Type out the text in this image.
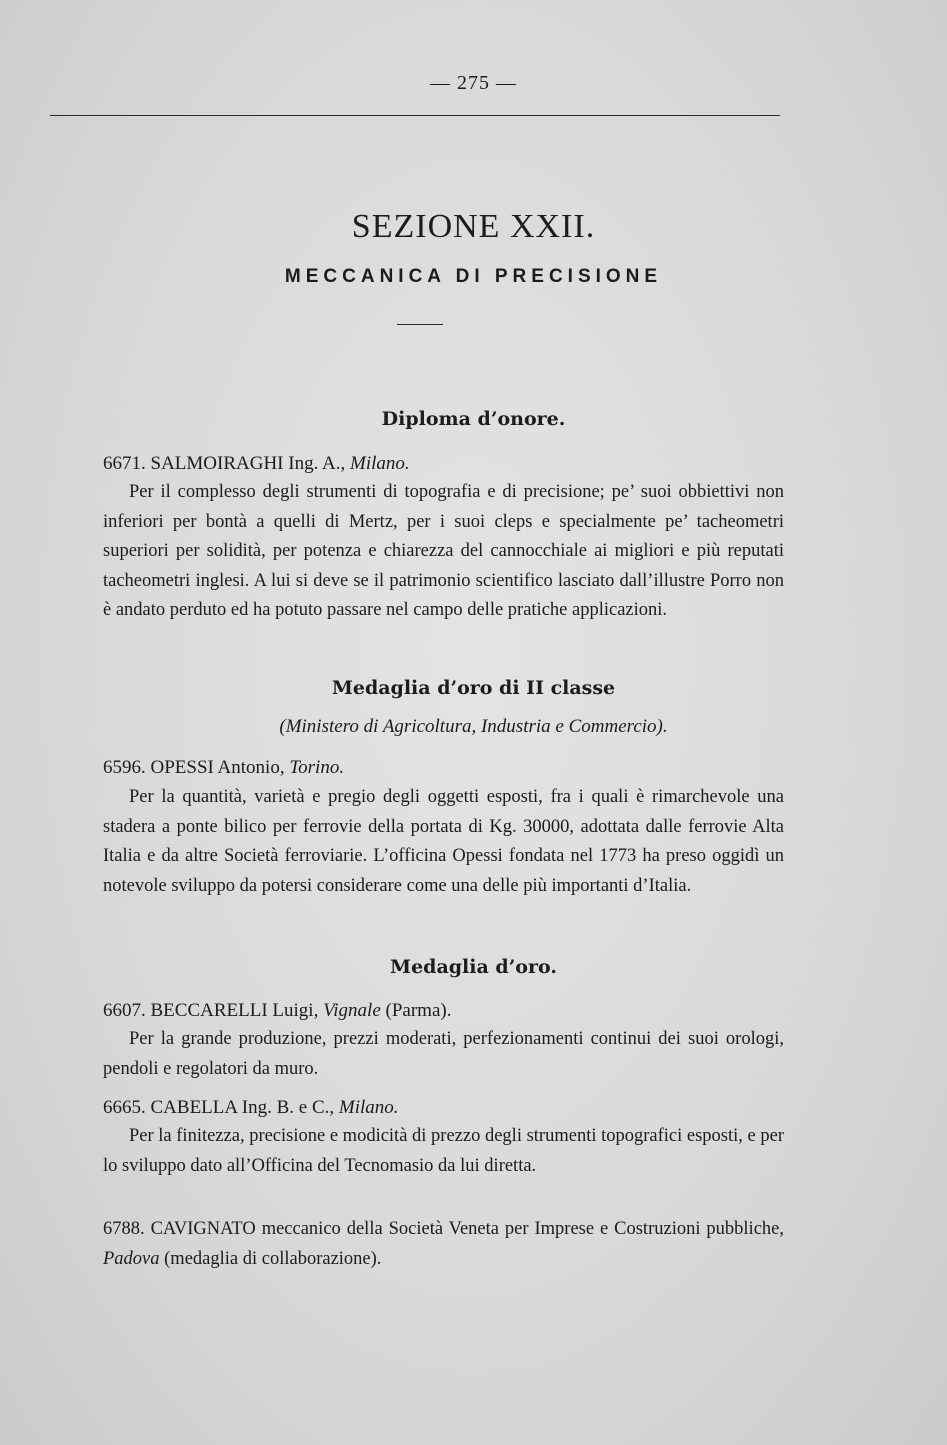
— 275 —
SEZIONE XXII.
MECCANICA DI PRECISIONE
Diploma d’onore.
6671. SALMOIRAGHI Ing. A., Milano.
Per il complesso degli strumenti di topografia e di precisione; pe’ suoi obbiettivi non inferiori per bontà a quelli di Mertz, per i suoi cleps e specialmente pe’ tacheometri superiori per solidità, per potenza e chiarezza del cannocchiale ai migliori e più reputati tacheometri inglesi. A lui si deve se il patrimonio scientifico lasciato dall’illustre Porro non è andato perduto ed ha potuto passare nel campo delle pratiche applicazioni.
Medaglia d’oro di II classe
(Ministero di Agricoltura, Industria e Commercio).
6596. OPESSI Antonio, Torino.
Per la quantità, varietà e pregio degli oggetti esposti, fra i quali è rimarchevole una stadera a ponte bilico per ferrovie della portata di Kg. 30000, adottata dalle ferrovie Alta Italia e da altre Società ferroviarie. L’officina Opessi fondata nel 1773 ha preso oggidì un notevole sviluppo da potersi considerare come una delle più importanti d’Italia.
Medaglia d’oro.
6607. BECCARELLI Luigi, Vignale (Parma).
Per la grande produzione, prezzi moderati, perfezionamenti continui dei suoi orologi, pendoli e regolatori da muro.
6665. CABELLA Ing. B. e C., Milano.
Per la finitezza, precisione e modicità di prezzo degli strumenti topografici esposti, e per lo sviluppo dato all’Officina del Tecnomasio da lui diretta.
6788. CAVIGNATO meccanico della Società Veneta per Imprese e Costruzioni pubbliche, Padova (medaglia di collaborazione).
